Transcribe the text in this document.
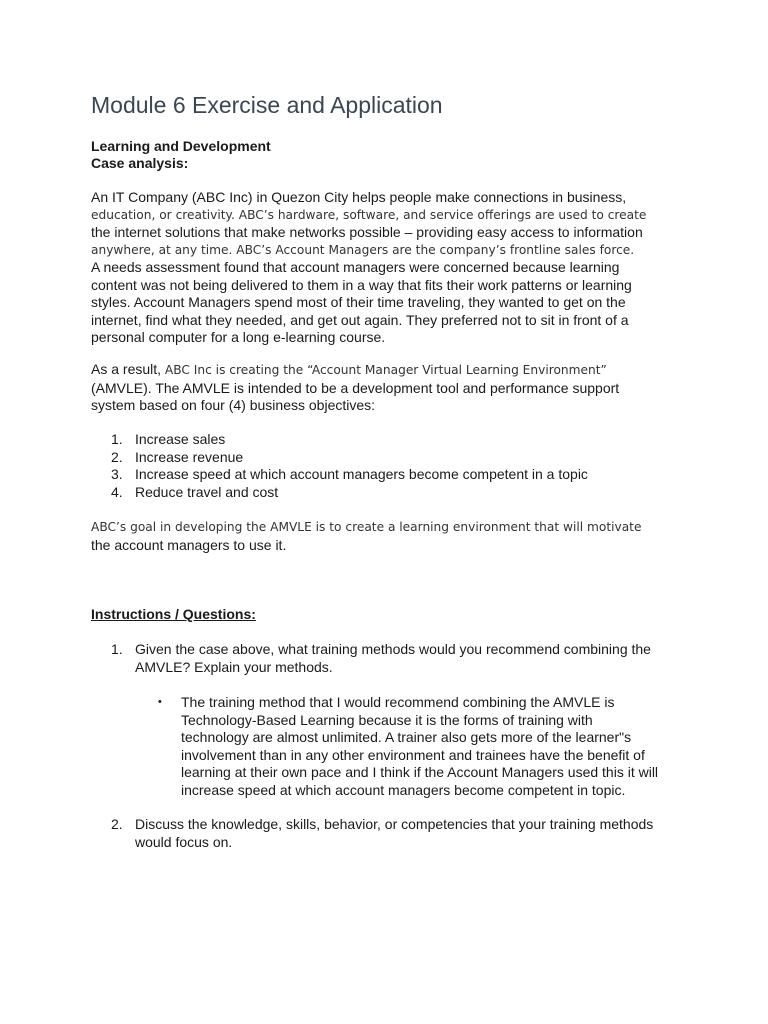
Module 6 Exercise and Application
Learning and Development
Case analysis:
An IT Company (ABC Inc) in Quezon City helps people make connections in business,
education, or creativity. ABC’s hardware, software, and service offerings are used to create
the internet solutions that make networks possible – providing easy access to information
anywhere, at any time. ABC’s Account Managers are the company’s frontline sales force.
A needs assessment found that account managers were concerned because learning
content was not being delivered to them in a way that fits their work patterns or learning
styles. Account Managers spend most of their time traveling, they wanted to get on the
internet, find what they needed, and get out again. They preferred not to sit in front of a
personal computer for a long e-learning course.
As a result, ABC Inc is creating the “Account Manager Virtual Learning Environment”
(AMVLE). The AMVLE is intended to be a development tool and performance support
system based on four (4) business objectives:
1. Increase sales
2. Increase revenue
3. Increase speed at which account managers become competent in a topic
4. Reduce travel and cost
ABC’s goal in developing the AMVLE is to create a learning environment that will motivate
the account managers to use it.
Instructions / Questions:
1. Given the case above, what training methods would you recommend combining the
AMVLE? Explain your methods.
• The training method that I would recommend combining the AMVLE is
Technology-Based Learning because it is the forms of training with
technology are almost unlimited. A trainer also gets more of the learner"s
involvement than in any other environment and trainees have the benefit of
learning at their own pace and I think if the Account Managers used this it will
increase speed at which account managers become competent in topic.
2. Discuss the knowledge, skills, behavior, or competencies that your training methods
would focus on.
